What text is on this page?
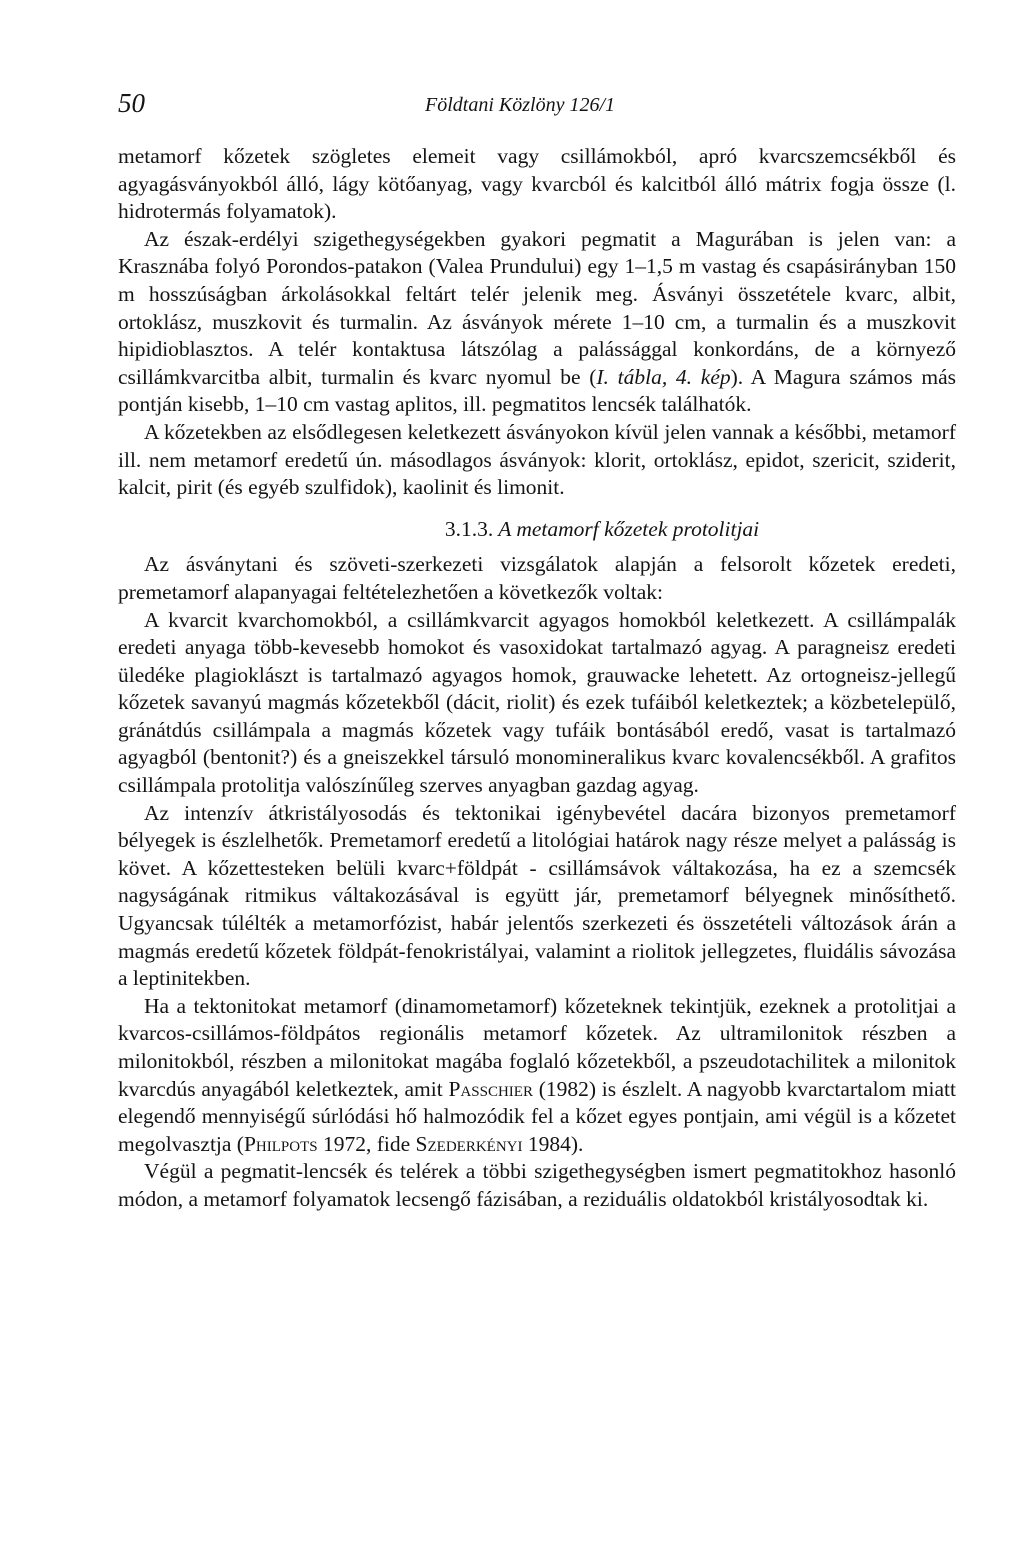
50	Földtani Közlöny 126/1

metamorf kőzetek szögletes elemeit vagy csillámokból, apró kvarcszemcsékből és agyagásványokból álló, lágy kötőanyag, vagy kvarcból és kalcitból álló mátrix fogja össze (l. hidrotermás folyamatok).

Az észak-erdélyi szigethegységekben gyakori pegmatit a Magurában is jelen van: a Krasznába folyó Porondos-patakon (Valea Prundului) egy 1–1,5 m vastag és csapásirányban 150 m hosszúságban árkolásokkal feltárt telér jelenik meg. Ásványi összetétele kvarc, albit, ortoklász, muszkovit és turmalin. Az ásványok mérete 1–10 cm, a turmalin és a muszkovit hipidioblasztos. A telér kontaktusa látszólag a palássággal konkordáns, de a környező csillámkvarcitba albit, turmalin és kvarc nyomul be (I. tábla, 4. kép). A Magura számos más pontján kisebb, 1–10 cm vastag aplitos, ill. pegmatitos lencsék találhatók.

A kőzetekben az elsődlegesen keletkezett ásványokon kívül jelen vannak a későbbi, metamorf ill. nem metamorf eredetű ún. másodlagos ásványok: klorit, ortoklász, epidot, szericit, sziderit, kalcit, pirit (és egyéb szulfidok), kaolinit és limonit.

3.1.3. A metamorf kőzetek protolitjai

Az ásványtani és szöveti-szerkezeti vizsgálatok alapján a felsorolt kőzetek eredeti, premetamorf alapanyagai feltételezhetően a következők voltak:

A kvarcit kvarchomokból, a csillámkvarcit agyagos homokból keletkezett. A csillámpalák eredeti anyaga több-kevesebb homokot és vasoxidokat tartalmazó agyag. A paragneisz eredeti üledéke plagioklászt is tartalmazó agyagos homok, grauwacke lehetett. Az ortogneisz-jellegű kőzetek savanyú magmás kőzetekből (dácit, riolit) és ezek tufáiból keletkeztek; a közbetelepülő, gránátdús csillámpala a magmás kőzetek vagy tufáik bontásából eredő, vasat is tartalmazó agyagból (bentonit?) és a gneiszekkel társuló monomineralikus kvarc kovalencsékből. A grafitos csillámpala protolitja valószínűleg szerves anyagban gazdag agyag.

Az intenzív átkristályosodás és tektonikai igénybevétel dacára bizonyos premetamorf bélyegek is észlelhetők. Premetamorf eredetű a litológiai határok nagy része melyet a palásság is követ. A kőzettesteken belüli kvarc+földpát - csillámsávok váltakozása, ha ez a szemcsék nagyságának ritmikus váltakozásával is együtt jár, premetamorf bélyegnek minősíthető. Ugyancsak túlélték a metamorfózist, habár jelentős szerkezeti és összetételi változások árán a magmás eredetű kőzetek földpát-fenokristályai, valamint a riolitok jellegzetes, fluidális sávozása a leptinitekben.

Ha a tektonitokat metamorf (dinamometamorf) kőzeteknek tekintjük, ezeknek a protolitjai a kvarcos-csillámos-földpátos regionális metamorf kőzetek. Az ultramilonitok részben a milonitokból, részben a milonitokat magába foglaló kőzetekből, a pszeudotachilitek a milonitok kvarcdús anyagából keletkeztek, amit Passchier (1982) is észlelt. A nagyobb kvarctartalom miatt elegendő mennyiségű súrlódási hő halmozódik fel a kőzet egyes pontjain, ami végül is a kőzetet megolvasztja (Philpots 1972, fide Szederkényi 1984).

Végül a pegmatit-lencsék és telérek a többi szigethegységben ismert pegmatitokhoz hasonló módon, a metamorf folyamatok lecsengő fázisában, a reziduális oldatokból kristályosodtak ki.
